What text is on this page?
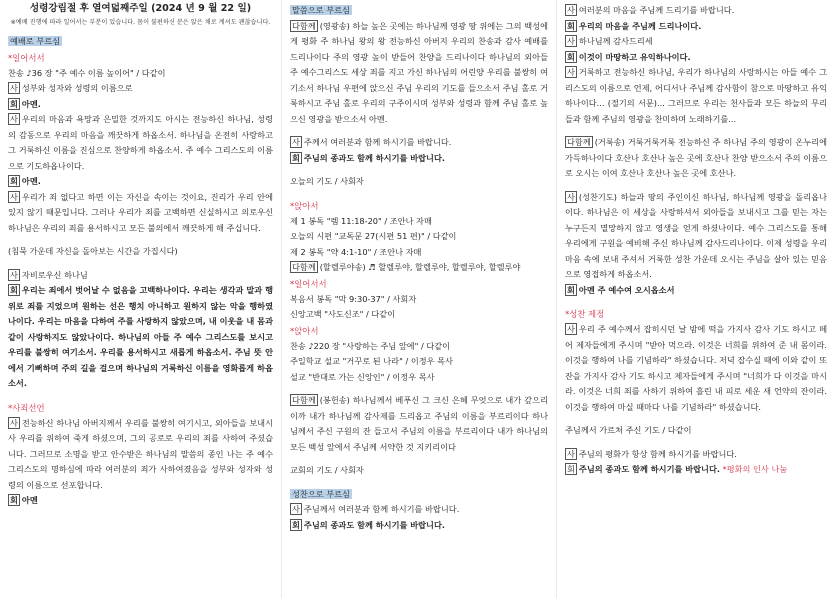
성령강림절 후 열여덟째주일 (2024 년 9 월 22 일)

※예배 진행에 따라 일어서는 부분이 있습니다. 몸이 불편하신 분은 앉은 채로 계셔도 괜찮습니다.

예배로 부르심

*일어서서

찬송 ♪36 장 "주 예수 이름 높이어" / 다같이

사 성부와 성자와 성령의 이름으로

회 아멘.

사 우리의 마음과 욕망과 은밀한 것까지도 아시는 전능하신 하나님, 성령의 감동으로 우리의 마음을 깨끗하게 하옵소서. 하나님을 온전히 사랑하고 그 거룩하신 이름을 진심으로 찬양하게 하옵소서. 주 예수 그리스도의 이름으로 기도하옵나이다.

회 아멘.

사 우리가 죄 없다고 하면 이는 자신을 속이는 것이요, 진리가 우리 안에 있지 않기 때문입니다. 그러나 우리가 죄를 고백하면 신실하시고 의로우신 하나님은 우리의 죄를 용서하시고 모든 불의에서 깨끗하게 해 주십니다.

(침묵 가운데 자신을 돌아보는 시간을 가집시다)

사 자비로우신 하나님

회 우리는 죄에서 벗어날 수 없음을 고백하나이다. 우리는 생각과 말과 행위로 죄를 지었으며 원하는 선은 행치 아니하고 원하지 않는 악을 행하였나이다. 우리는 마음을 다하여 주를 사랑하지 않았으며, 내 이웃을 내 몸과 같이 사랑하지도 않았나이다. 하나님의 아들 주 예수 그리스도를 보시고 우리를 불쌍히 여기소서. 우리를 용서하시고 새롭게 하옵소서. 주님 뜻 안에서 기뻐하며 주의 길을 걸으며 하나님의 거룩하신 이름을 영화롭게 하옵소서.

*사죄선언

사 전능하신 하나님 아버지께서 우리를 불쌍히 여기시고, 외아들을 보내시사 우리를 위하여 죽게 하셨으며, 그의 공로로 우리의 죄를 사하여 주셨습니다. 그러므로 소명을 받고 안수받은 하나님의 말씀의 종인 나는 주 예수 그리스도의 명하심에 따라 여러분의 죄가 사하여졌음을 성부와 성자와 성령의 이름으로 선포합니다.

회 아멘

말씀으로 부르심

다함께 (영광송) 하늘 높은 곳에는 하나님께 영광 땅 위에는 그의 백성에게 평화 주 하나님 왕의 왕 전능하신 아버지 우리의 찬송과 감사 예배를 드리나이다 주의 영광 높이 받들어 찬양을 드리나이다 하나님의 외아들 주 예수그리스도 세상 죄를 지고 가신 하나님의 어린양 우리를 불쌍히 여기소서 하나님 우편에 앉으신 주님 우리의 기도를 들으소서 주님 홀로 거룩하시고 주님 홀로 우리의 구주이시며 성부와 성령과 함께 주님 홀로 높으신 영광을 받으소서 아멘.

사 주께서 여러분과 함께 하시기를 바랍니다.

회 주님의 종과도 함께 하시기를 바랍니다.

오늘의 기도 / 사회자

*앉아서

제 1 봉독 "렘 11:18-20" / 조안나 자매

오늘의 시편 "교독문 27(시편 51 편)" / 다같이

제 2 봉독 "약 4:1-10" / 조안나 자매

다함께 (할렐루야송) ♬ 할렐루야, 할렐루야, 할렐루야, 할렐루야

*일어서서

복음서 봉독 "막 9:30-37" / 사회자

신앙고백 "사도신조" / 다같이

*앉아서

찬송 ♪220 장 "사랑하는 주님 앞에" / 다같이

주일학교 설교 "거꾸로 된 나라" / 이정우 목사

설교 "반대로 가는 신앙인" / 이정우 목사

다함께 (봉헌송) 하나님께서 베푸신 그 크신 은혜 무엇으로 내가 갚으리이까 내가 하나님께 감사제를 드리옵고 주님의 이름을 부르리이다 하나님께서 주신 구원의 잔 들고서 주님의 이름을 부르리이다 내가 하나님의 모든 백성 앞에서 주님께 서약한 것 지키리이다

교회의 기도 / 사회자

성찬으로 부르심

사 주님께서 여러분과 함께 하시기를 바랍니다.

회 주님의 종과도 함께 하시기를 바랍니다.

사 여러분의 마음을 주님께 드리기를 바랍니다.

회 우리의 마음을 주님께 드리나이다.

사 하나님께 감사드리세

회 이것이 마땅하고 유익하나이다.

사 거룩하고 전능하신 하나님, 우리가 하나님의 사랑하시는 아들 예수 그리스도의 이름으로 언제, 어디서나 주님께 감사함이 참으로 마땅하고 유익하나이다... (절기의 서문)... 그러므로 우리는 천사들과 모든 하늘의 무리들과 함께 주님의 영광을 찬미하며 노래하기를...

다함께 (거룩송) 거룩거룩거룩 전능하신 주 하나님 주의 영광이 온누리에 가득하나이다 호산나 호산나 높은 곳에 호산나 찬양 받으소서 주의 이름으로 오시는 이여 호산나 호산나 높은 곳에 호산나.

사 (성찬기도) 하늘과 땅의 주인이신 하나님, 하나님께 영광을 돌리옵나이다. 하나님은 이 세상을 사랑하셔서 외아들을 보내시고 그를 믿는 자는 누구든지 멸망하지 않고 영생을 얻게 하셨나이다. 예수 그리스도를 통해 우리에게 구원을 예비해 주신 하나님께 감사드리나이다. 이제 성령을 우리 마음 속에 보내 주셔서 거룩한 성찬 가운데 오시는 주님을 살아 있는 믿음으로 영접하게 하옵소서.

회 아멘 주 예수여 오시옵소서

*성찬 제정

사 우리 주 예수께서 잡히시던 날 밤에 떡을 가지사 감사 기도 하시고 떼어 제자들에게 주시며 "받아 먹으라. 이것은 너희를 위하여 준 내 몸이라. 이것을 행하여 나를 기념하라" 하셨습니다. 저녁 잡수실 때에 이와 같이 또 잔을 가지사 감사 기도 하시고 제자들에게 주시며 "너희가 다 이것을 마시라. 이것은 너희 죄를 사하기 위하여 흘린 내 피로 세운 새 언약의 잔이라. 이것을 행하여 마실 때마다 나를 기념하라" 하셨습니다.

주님께서 가르쳐 주신 기도 / 다같이

사 주님의 평화가 항상 함께 하시기를 바랍니다.

회 주님의 종과도 함께 하시기를 바랍니다. *평화의 인사 나눔
